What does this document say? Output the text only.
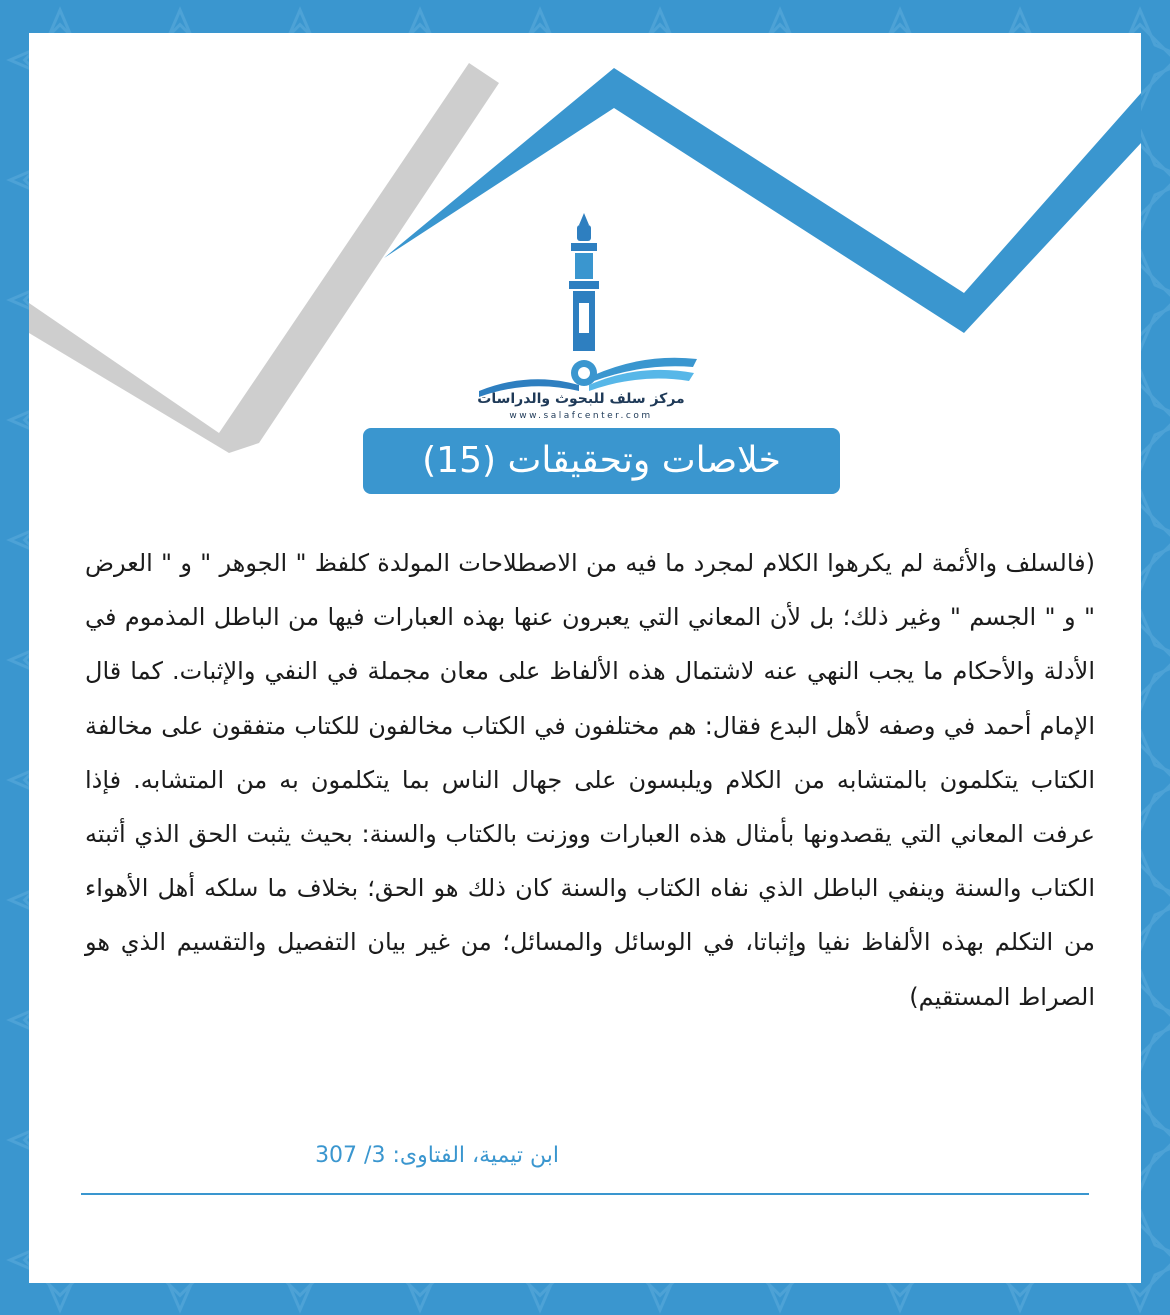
مركز سلف للبحوث والدراسات
www.salafcenter.com
خلاصات وتحقيقات (15)
(فالسلف والأئمة لم يكرهوا الكلام لمجرد ما فيه من الاصطلاحات المولدة كلفظ " الجوهر " و " العرض " و " الجسم " وغير ذلك؛ بل لأن المعاني التي يعبرون عنها بهذه العبارات فيها من الباطل المذموم في الأدلة والأحكام ما يجب النهي عنه لاشتمال هذه الألفاظ على معان مجملة في النفي والإثبات. كما قال الإمام أحمد في وصفه لأهل البدع فقال: هم مختلفون في الكتاب مخالفون للكتاب متفقون على مخالفة الكتاب يتكلمون بالمتشابه من الكلام ويلبسون على جهال الناس بما يتكلمون به من المتشابه. فإذا عرفت المعاني التي يقصدونها بأمثال هذه العبارات ووزنت بالكتاب والسنة: بحيث يثبت الحق الذي أثبته الكتاب والسنة وينفي الباطل الذي نفاه الكتاب والسنة كان ذلك هو الحق؛ بخلاف ما سلكه أهل الأهواء من التكلم بهذه الألفاظ نفيا وإثباتا، في الوسائل والمسائل؛ من غير بيان التفصيل والتقسيم الذي هو الصراط المستقيم)
ابن تيمية، الفتاوى: 3/ 307
